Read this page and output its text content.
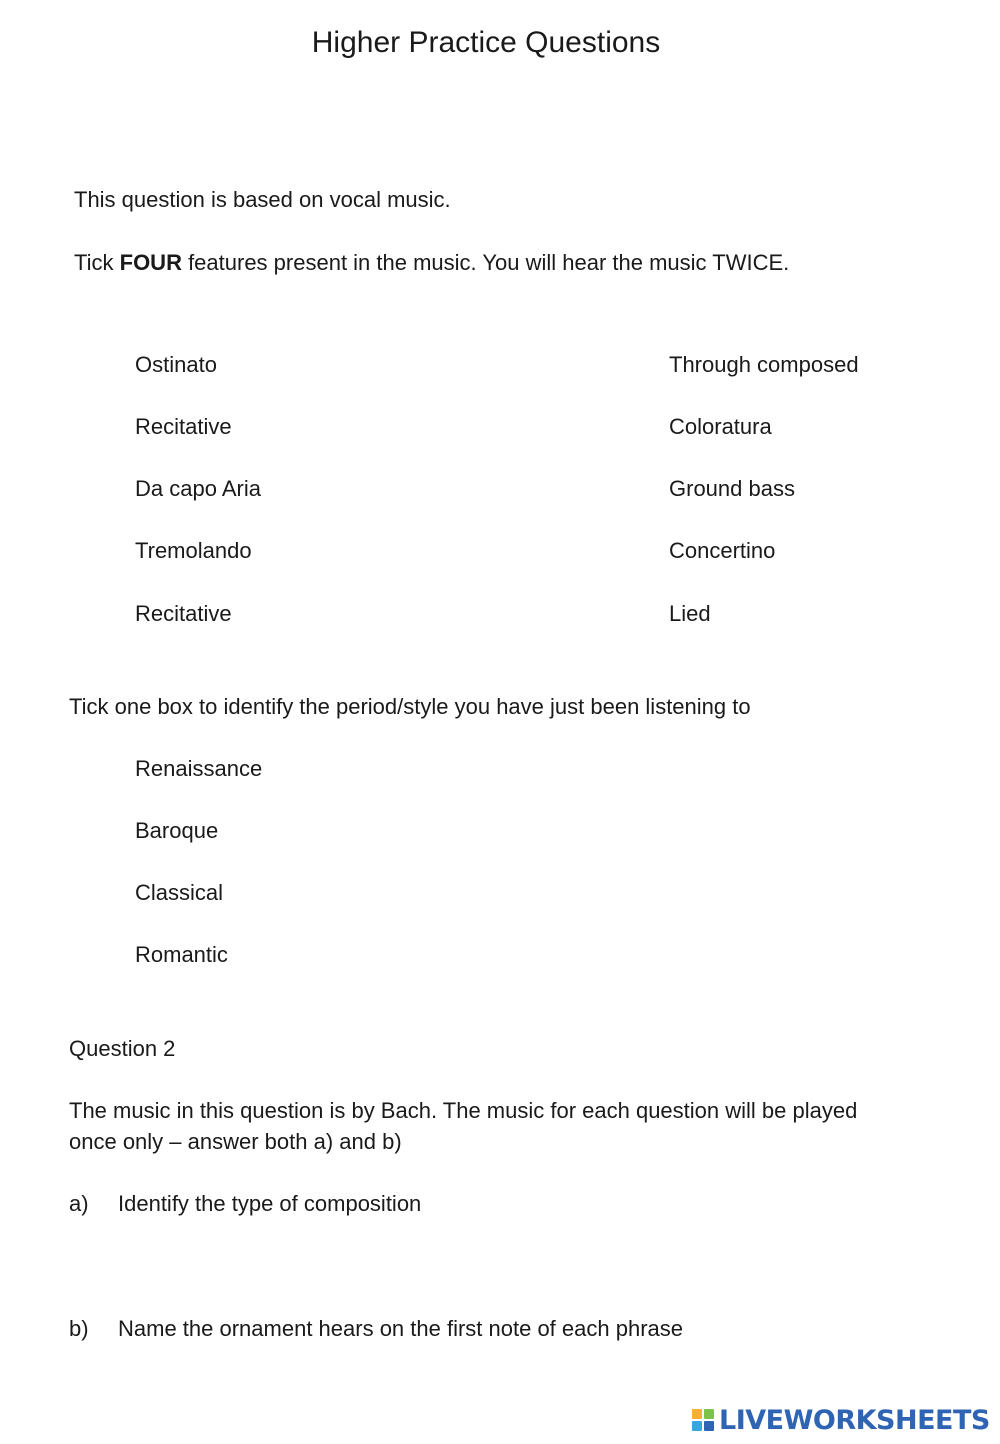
Higher Practice Questions
This question is based on vocal music.
Tick FOUR features present in the music. You will hear the music TWICE.
Ostinato
Recitative
Da capo Aria
Tremolando
Recitative
Through composed
Coloratura
Ground bass
Concertino
Lied
Tick one box to identify the period/style you have just been listening to
Renaissance
Baroque
Classical
Romantic
Question 2
The music in this question is by Bach. The music for each question will be played once only – answer both a) and b)
a) Identify the type of composition
b) Name the ornament hears on the first note of each phrase
LIVEWORKSHEETS
